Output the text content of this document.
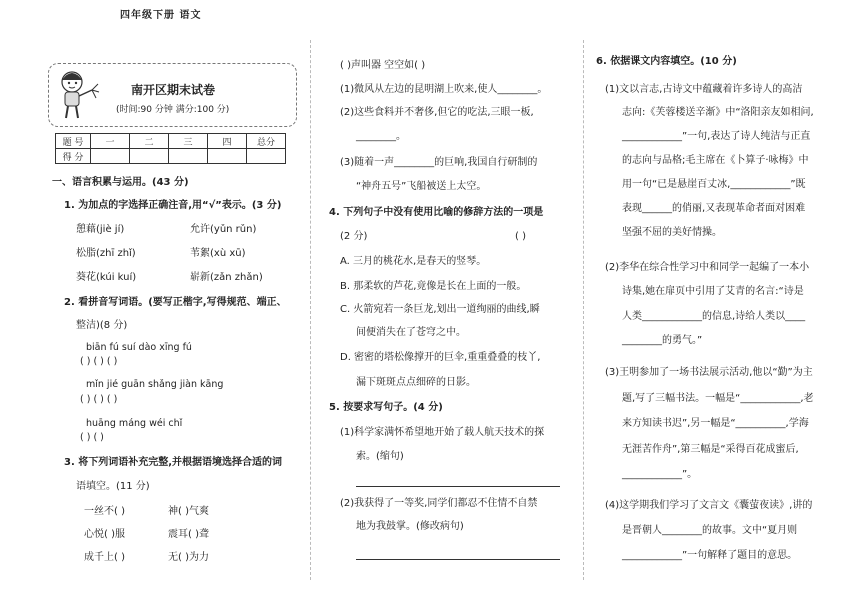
四年级下册 语文
南开区期末试卷
(时间:90 分钟 满分:100 分)
题 号	一	二	三	四	总分
得 分					
一、语言积累与运用。(43 分)
1. 为加点的字选择正确注音,用“√”表示。(3 分)
憩藉(jiè jí)	允许(yǔn rǔn)
松脂(zhī zhǐ)	苇絮(xù xū)
葵花(kúi kuí)	崭新(zǎn zhǎn)
2. 看拼音写词语。(要写正楷字,写得规范、端正、
整洁)(8 分)
biān fú suí dào xīng fú
( ) ( ) ( )
mǐn jié guān shǎng jiàn kāng
( ) ( ) ( )
huāng máng wéi chǐ
( ) ( )
3. 将下列词语补充完整,并根据语境选择合适的词
语填空。(11 分)
一丝不( )	神( )气爽
心悦( )服	震耳( )聋
成千上( )	无( )为力
( )声叫器 空空如( )
(1)微风从左边的昆明湖上吹来,使人________。
(2)这些食料并不奢侈,但它的吃法,三眼一板,
________。
(3)随着一声________的巨响,我国自行研制的
“神舟五号”飞船被送上太空。
4. 下列句子中没有使用比喻的修辞方法的一项是
(2 分)	( )
A. 三月的桃花水,是春天的竖琴。
B. 那柔软的芦花,竟像是长在上面的一般。
C. 火箭宛若一条巨龙,划出一道绚丽的曲线,瞬
间便消失在了苍穹之中。
D. 密密的塔松像撑开的巨伞,重重叠叠的枝丫,
漏下斑斑点点细碎的日影。
5. 按要求写句子。(4 分)
(1)科学家满怀希望地开始了载人航天技术的探
索。(缩句)
(2)我获得了一等奖,同学们都忍不住情不自禁
地为我鼓掌。(修改病句)
6. 依据课文内容填空。(10 分)
(1)文以言志,古诗文中蕴藏着许多诗人的高洁
志向:《芙蓉楼送辛渐》中“洛阳亲友如相问,
____________”一句,表达了诗人纯洁与正直
的志向与品格;毛主席在《卜算子·咏梅》中
用一句“已是悬崖百丈冰,____________”既
表现______的俏丽,又表现革命者面对困难
坚强不屈的美好情操。
(2)李华在综合性学习中和同学一起编了一本小
诗集,她在扉页中引用了艾青的名言:“诗是
人类____________的信息,诗给人类以____
________的勇气。”
(3)王明参加了一场书法展示活动,他以“勤”为主
题,写了三幅书法。一幅是“____________,老
来方知读书迟”,另一幅是“__________,学海
无涯苦作舟”,第三幅是“采得百花成蜜后,
____________”。
(4)这学期我们学习了文言文《囊萤夜读》,讲的
是晋朝人________的故事。文中“夏月则
____________”一句解释了题目的意思。
